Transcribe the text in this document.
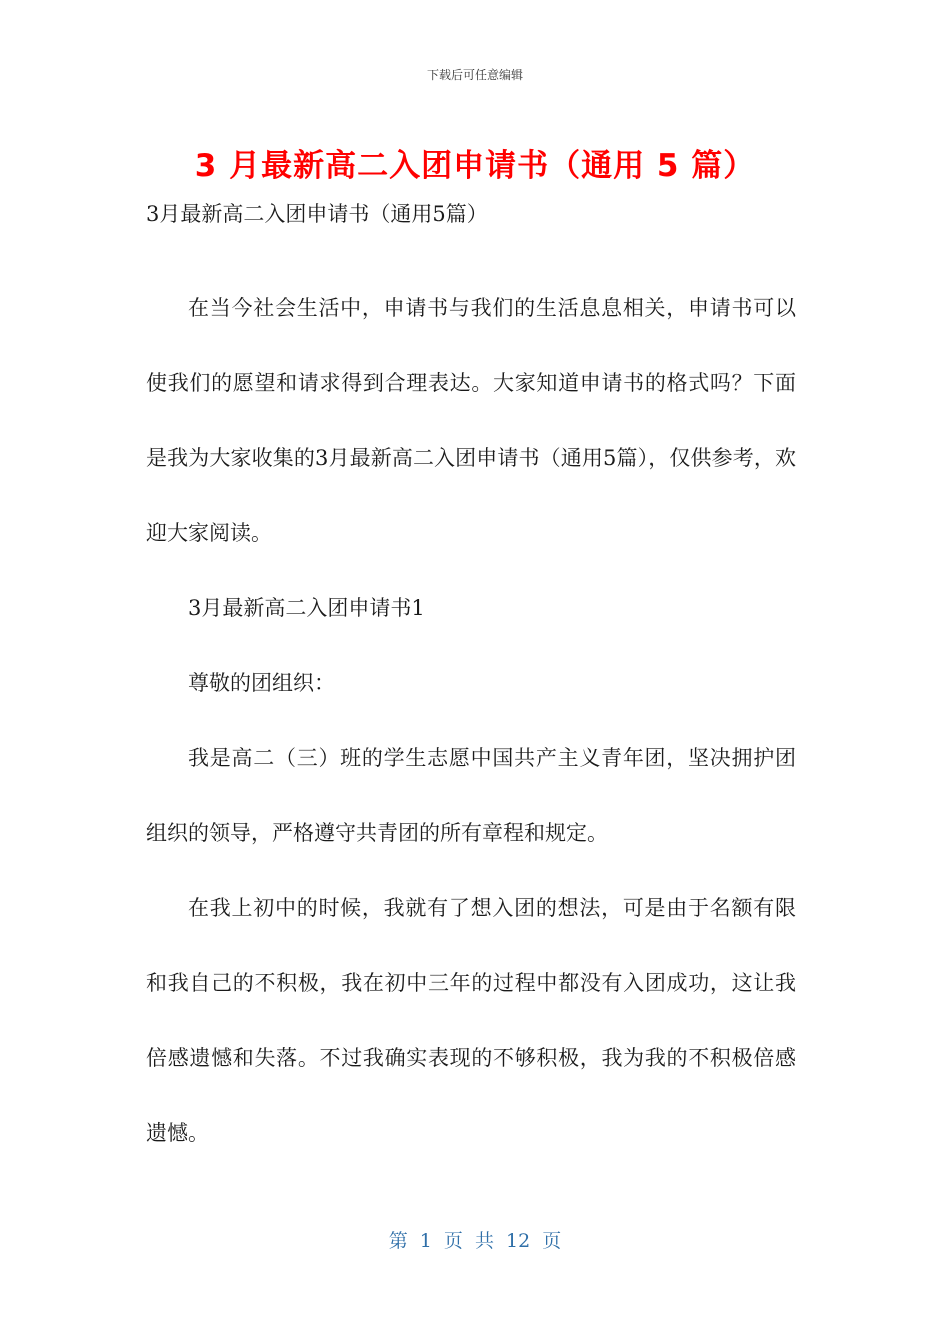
下载后可任意编辑
3 月最新高二入团申请书（通用 5 篇）

3月最新高二入团申请书（通用5篇）

在当今社会生活中，申请书与我们的生活息息相关，申请书可以使我们的愿望和请求得到合理表达。大家知道申请书的格式吗？下面是我为大家收集的3月最新高二入团申请书（通用5篇），仅供参考，欢迎大家阅读。

3月最新高二入团申请书1

尊敬的团组织：

我是高二（三）班的学生志愿中国共产主义青年团，坚决拥护团组织的领导，严格遵守共青团的所有章程和规定。

在我上初中的时候，我就有了想入团的想法，可是由于名额有限和我自己的不积极，我在初中三年的过程中都没有入团成功，这让我倍感遗憾和失落。不过我确实表现的不够积极，我为我的不积极倍感遗憾。

第 1 页 共 12 页
